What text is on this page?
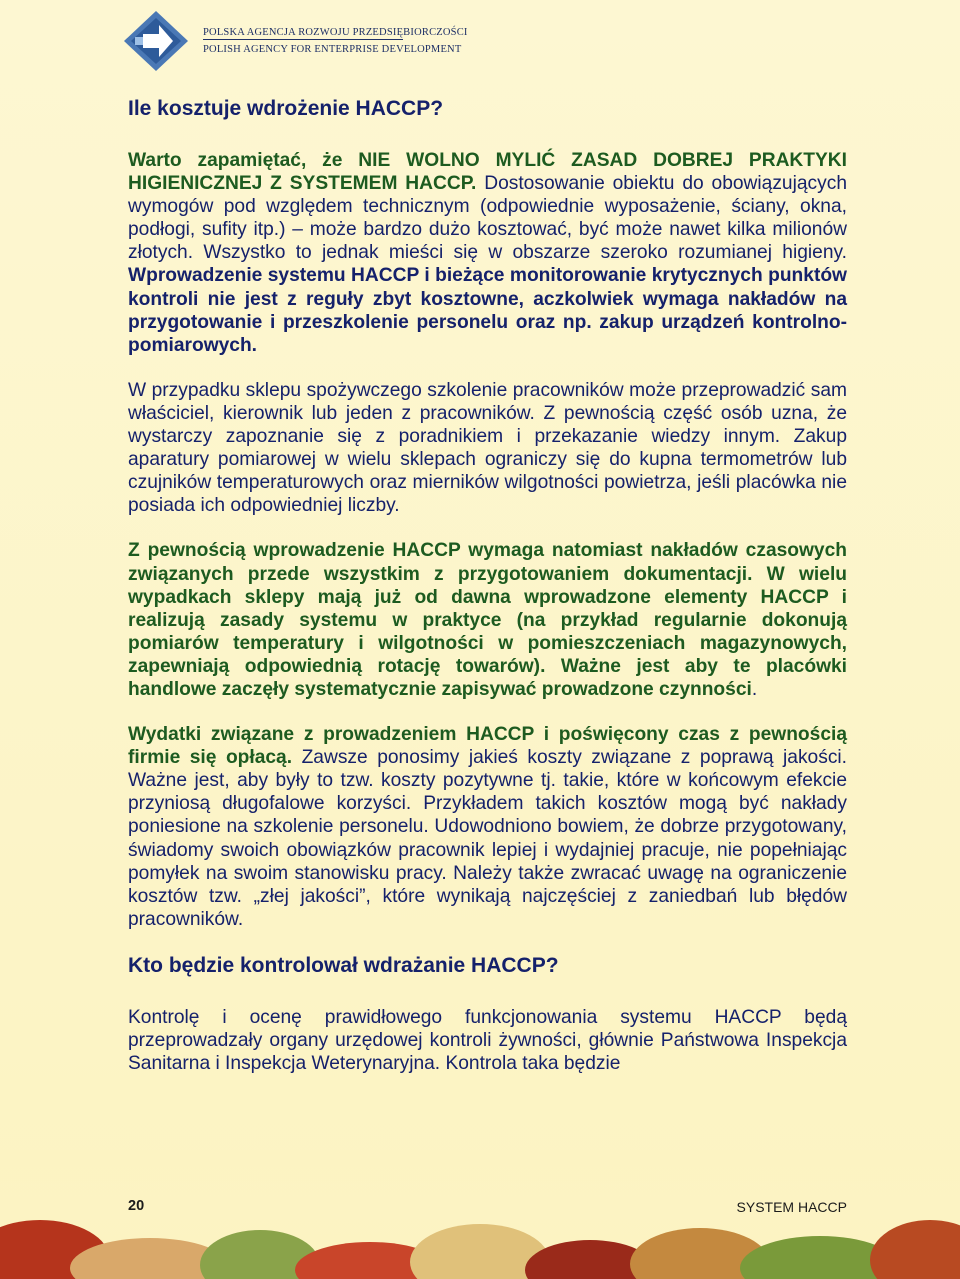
POLSKA AGENCJA ROZWOJU PRZEDSIĘBIORCZOŚCI
POLISH AGENCY FOR ENTERPRISE DEVELOPMENT
Ile kosztuje wdrożenie HACCP?

Warto zapamiętać, że NIE WOLNO MYLIĆ ZASAD DOBREJ PRAKTYKI HIGIENICZNEJ Z SYSTEMEM HACCP. Dostosowanie obiektu do obowiązujących wymogów pod względem technicznym (odpowiednie wyposażenie, ściany, okna, podłogi, sufity itp.) – może bardzo dużo kosztować, być może nawet kilka milionów złotych. Wszystko to jednak mieści się w obszarze szeroko rozumianej higieny. Wprowadzenie systemu HACCP i bieżące monitorowanie krytycznych punktów kontroli nie jest z reguły zbyt kosztowne, aczkolwiek wymaga nakładów na przygotowanie i przeszkolenie personelu oraz np. zakup urządzeń kontrolno-pomiarowych.

W przypadku sklepu spożywczego szkolenie pracowników może przeprowadzić sam właściciel, kierownik lub jeden z pracowników. Z pewnością część osób uzna, że wystarczy zapoznanie się z poradnikiem i przekazanie wiedzy innym. Zakup aparatury pomiarowej w wielu sklepach ograniczy się do kupna termometrów lub czujników temperaturowych oraz mierników wilgotności powietrza, jeśli placówka nie posiada ich odpowiedniej liczby.

Z pewnością wprowadzenie HACCP wymaga natomiast nakładów czasowych związanych przede wszystkim z przygotowaniem dokumentacji. W wielu wypadkach sklepy mają już od dawna wprowadzone elementy HACCP i realizują zasady systemu w praktyce (na przykład regularnie dokonują pomiarów temperatury i wilgotności w pomieszczeniach magazynowych, zapewniają odpowiednią rotację towarów). Ważne jest aby te placówki handlowe zaczęły systematycznie zapisywać prowadzone czynności.

Wydatki związane z prowadzeniem HACCP i poświęcony czas z pewnością firmie się opłacą. Zawsze ponosimy jakieś koszty związane z poprawą jakości. Ważne jest, aby były to tzw. koszty pozytywne tj. takie, które w końcowym efekcie przyniosą długofalowe korzyści. Przykładem takich kosztów mogą być nakłady poniesione na szkolenie personelu. Udowodniono bowiem, że dobrze przygotowany, świadomy swoich obowiązków pracownik lepiej i wydajniej pracuje, nie popełniając pomyłek na swoim stanowisku pracy. Należy także zwracać uwagę na ograniczenie kosztów tzw. „złej jakości”, które wynikają najczęściej z zaniedbań lub błędów pracowników.

Kto będzie kontrolował wdrażanie HACCP?

Kontrolę i ocenę prawidłowego funkcjonowania systemu HACCP będą przeprowadzały organy urzędowej kontroli żywności, głównie Państwowa Inspekcja Sanitarna i Inspekcja Weterynaryjna. Kontrola taka będzie

20	SYSTEM HACCP
